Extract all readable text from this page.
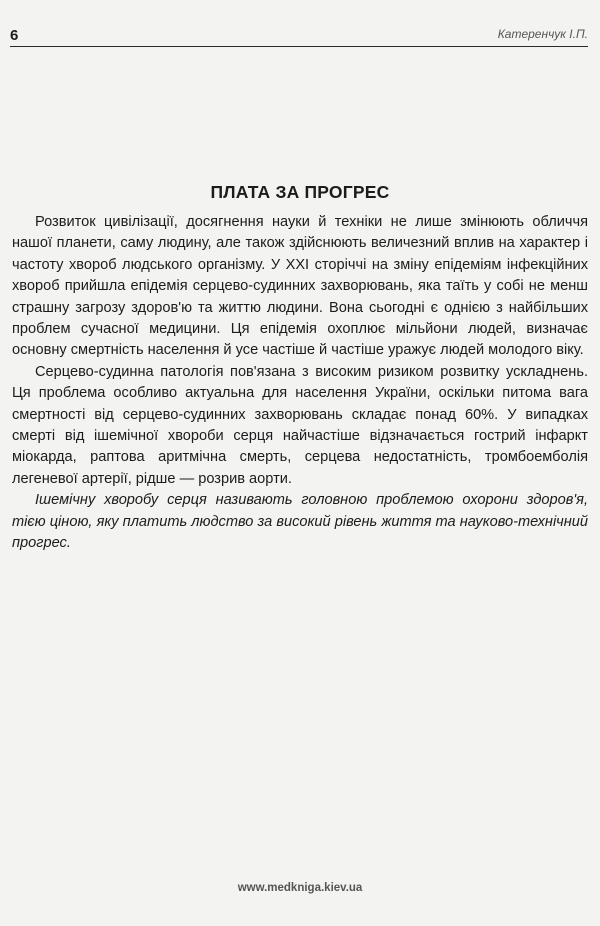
6	Катеренчук І.П.
ПЛАТА ЗА ПРОГРЕС

Розвиток цивілізації, досягнення науки й техніки не лише змінюють обличчя нашої планети, саму людину, але також здійснюють величезний вплив на характер і частоту хвороб людського організму. У XXI сторіччі на зміну епідеміям інфекційних хвороб прийшла епідемія серцево-судинних захворювань, яка таїть у собі не менш страшну загрозу здоров'ю та життю людини. Вона сьогодні є однією з найбільших проблем сучасної медицини. Ця епідемія охоплює мільйони людей, визначає основну смертність населення й усе частіше й частіше уражує людей молодого віку.

Серцево-судинна патологія пов'язана з високим ризиком розвитку ускладнень. Ця проблема особливо актуальна для населення України, оскільки питома вага смертності від серцево-судинних захворювань складає понад 60%. У випадках смерті від ішемічної хвороби серця найчастіше відзначається гострий інфаркт міокарда, раптова аритмічна смерть, серцева недостатність, тромбоемболія легеневої артерії, рідше — розрив аорти.

Ішемічну хворобу серця називають головною проблемою охорони здоров'я, тією ціною, яку платить людство за високий рівень життя та науково-технічний прогрес.

www.medkniga.kiev.ua
